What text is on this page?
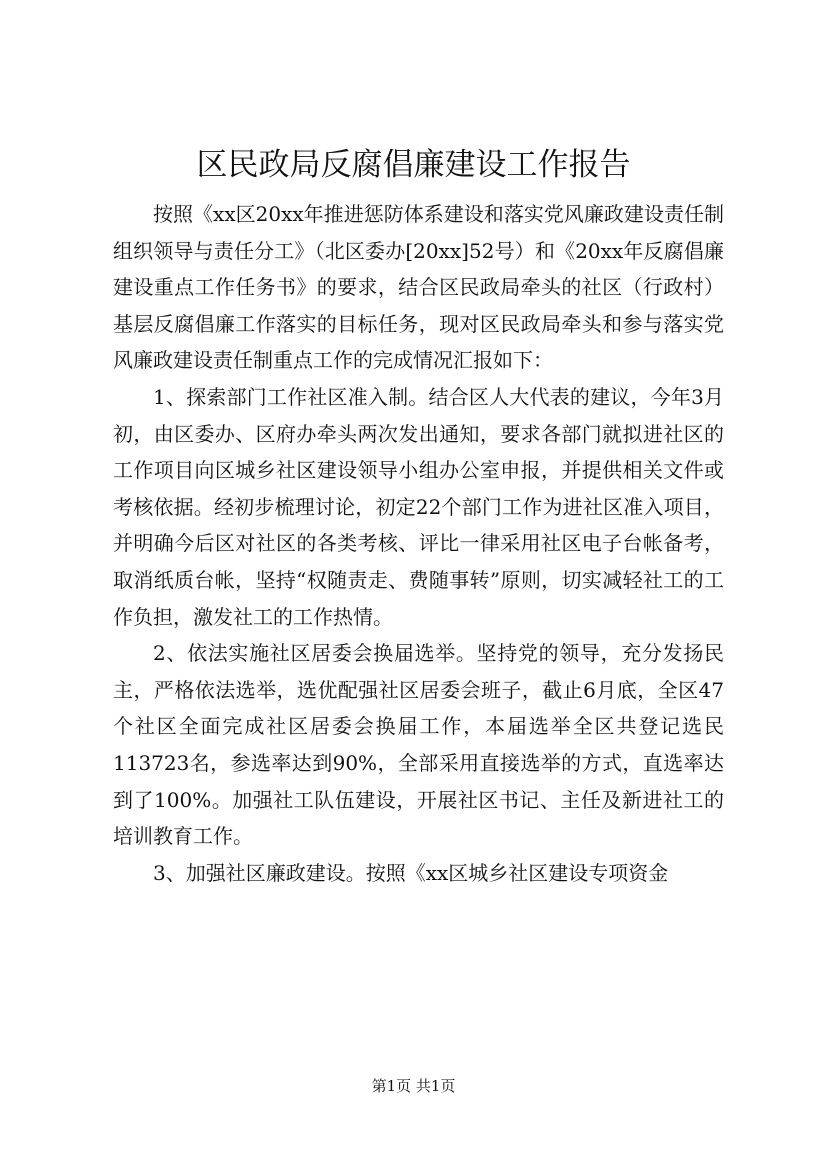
区民政局反腐倡廉建设工作报告

按照《xx区20xx年推进惩防体系建设和落实党风廉政建设责任制组织领导与责任分工》（北区委办[20xx]52号）和《20xx年反腐倡廉建设重点工作任务书》的要求，结合区民政局牵头的社区（行政村）基层反腐倡廉工作落实的目标任务，现对区民政局牵头和参与落实党风廉政建设责任制重点工作的完成情况汇报如下：

1、探索部门工作社区准入制。结合区人大代表的建议，今年3月初，由区委办、区府办牵头两次发出通知，要求各部门就拟进社区的工作项目向区城乡社区建设领导小组办公室申报，并提供相关文件或考核依据。经初步梳理讨论，初定22个部门工作为进社区准入项目，并明确今后区对社区的各类考核、评比一律采用社区电子台帐备考，取消纸质台帐，坚持“权随责走、费随事转”原则，切实减轻社工的工作负担，激发社工的工作热情。

2、依法实施社区居委会换届选举。坚持党的领导，充分发扬民主，严格依法选举，选优配强社区居委会班子，截止6月底，全区47个社区全面完成社区居委会换届工作，本届选举全区共登记选民113723名，参选率达到90%，全部采用直接选举的方式，直选率达到了100%。加强社工队伍建设，开展社区书记、主任及新进社工的培训教育工作。

3、加强社区廉政建设。按照《xx区城乡社区建设专项资金

第1页 共1页
